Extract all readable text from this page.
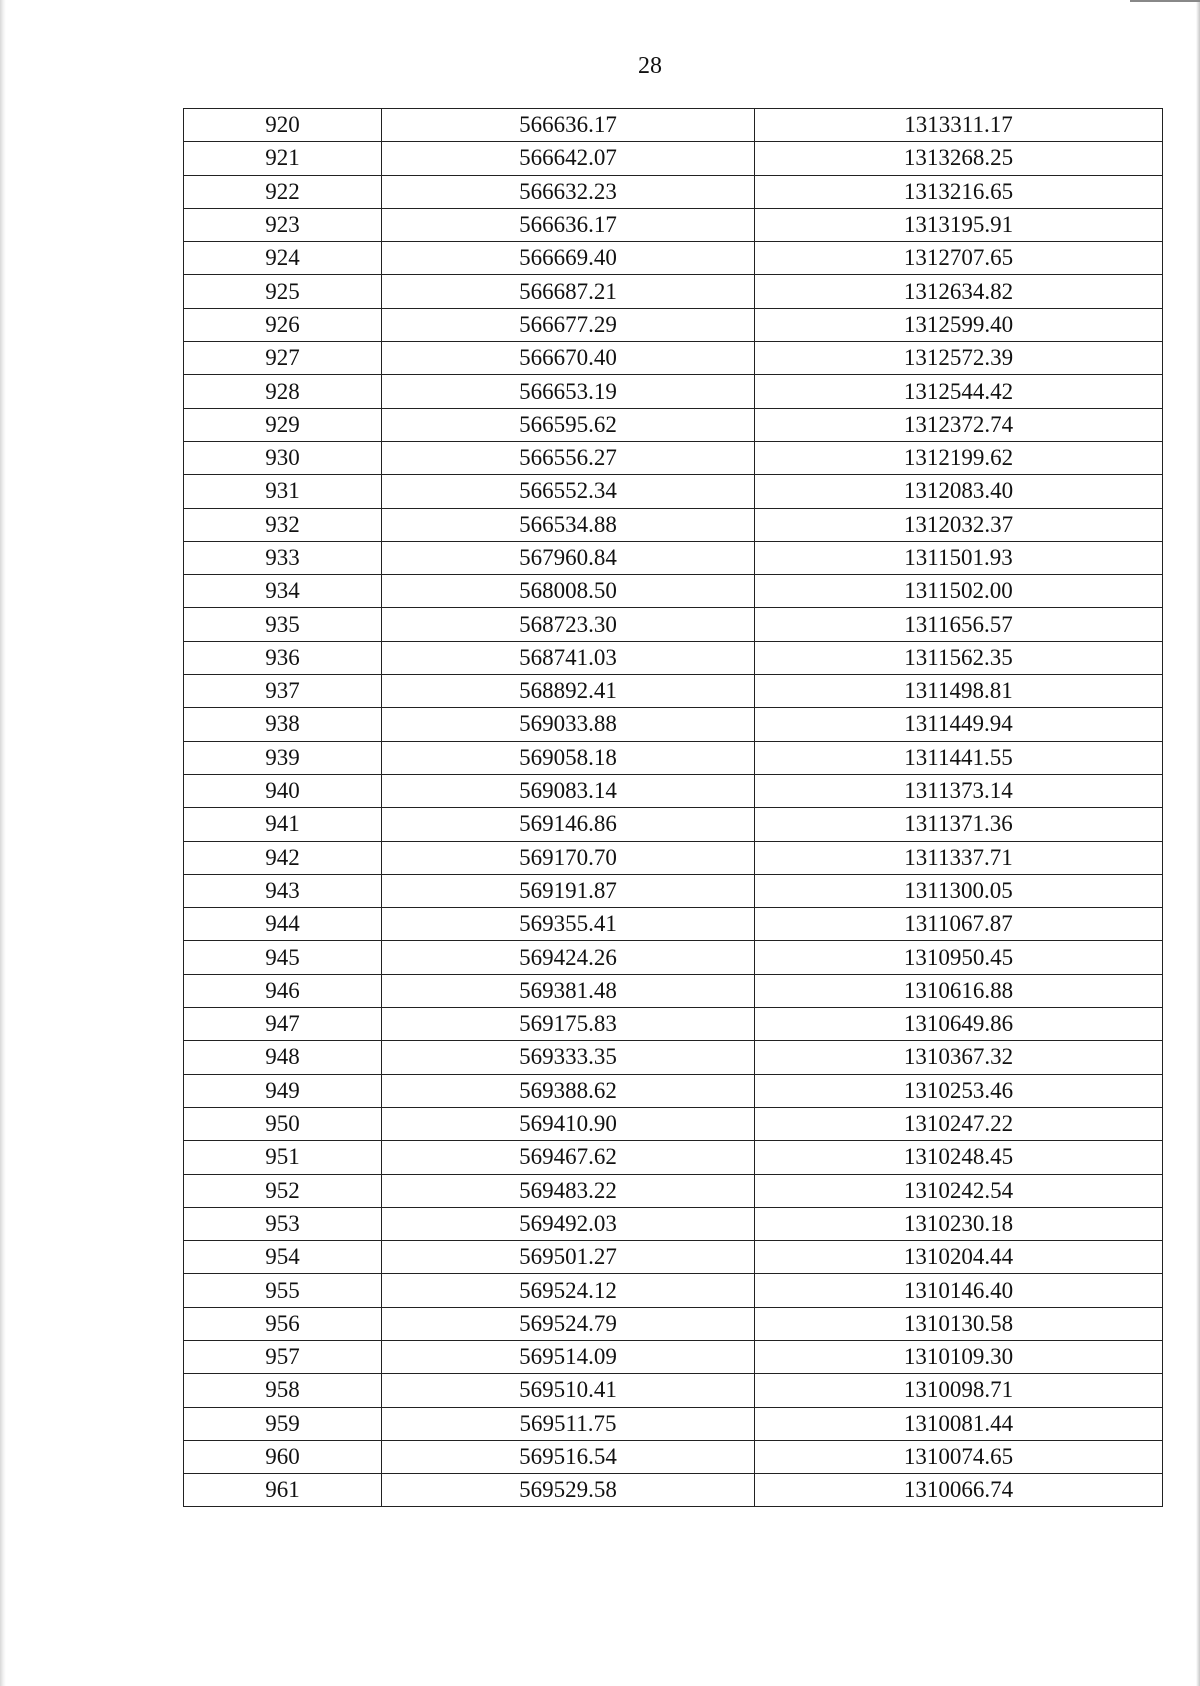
28
920	566636.17	1313311.17
921	566642.07	1313268.25
922	566632.23	1313216.65
923	566636.17	1313195.91
924	566669.40	1312707.65
925	566687.21	1312634.82
926	566677.29	1312599.40
927	566670.40	1312572.39
928	566653.19	1312544.42
929	566595.62	1312372.74
930	566556.27	1312199.62
931	566552.34	1312083.40
932	566534.88	1312032.37
933	567960.84	1311501.93
934	568008.50	1311502.00
935	568723.30	1311656.57
936	568741.03	1311562.35
937	568892.41	1311498.81
938	569033.88	1311449.94
939	569058.18	1311441.55
940	569083.14	1311373.14
941	569146.86	1311371.36
942	569170.70	1311337.71
943	569191.87	1311300.05
944	569355.41	1311067.87
945	569424.26	1310950.45
946	569381.48	1310616.88
947	569175.83	1310649.86
948	569333.35	1310367.32
949	569388.62	1310253.46
950	569410.90	1310247.22
951	569467.62	1310248.45
952	569483.22	1310242.54
953	569492.03	1310230.18
954	569501.27	1310204.44
955	569524.12	1310146.40
956	569524.79	1310130.58
957	569514.09	1310109.30
958	569510.41	1310098.71
959	569511.75	1310081.44
960	569516.54	1310074.65
961	569529.58	1310066.74
